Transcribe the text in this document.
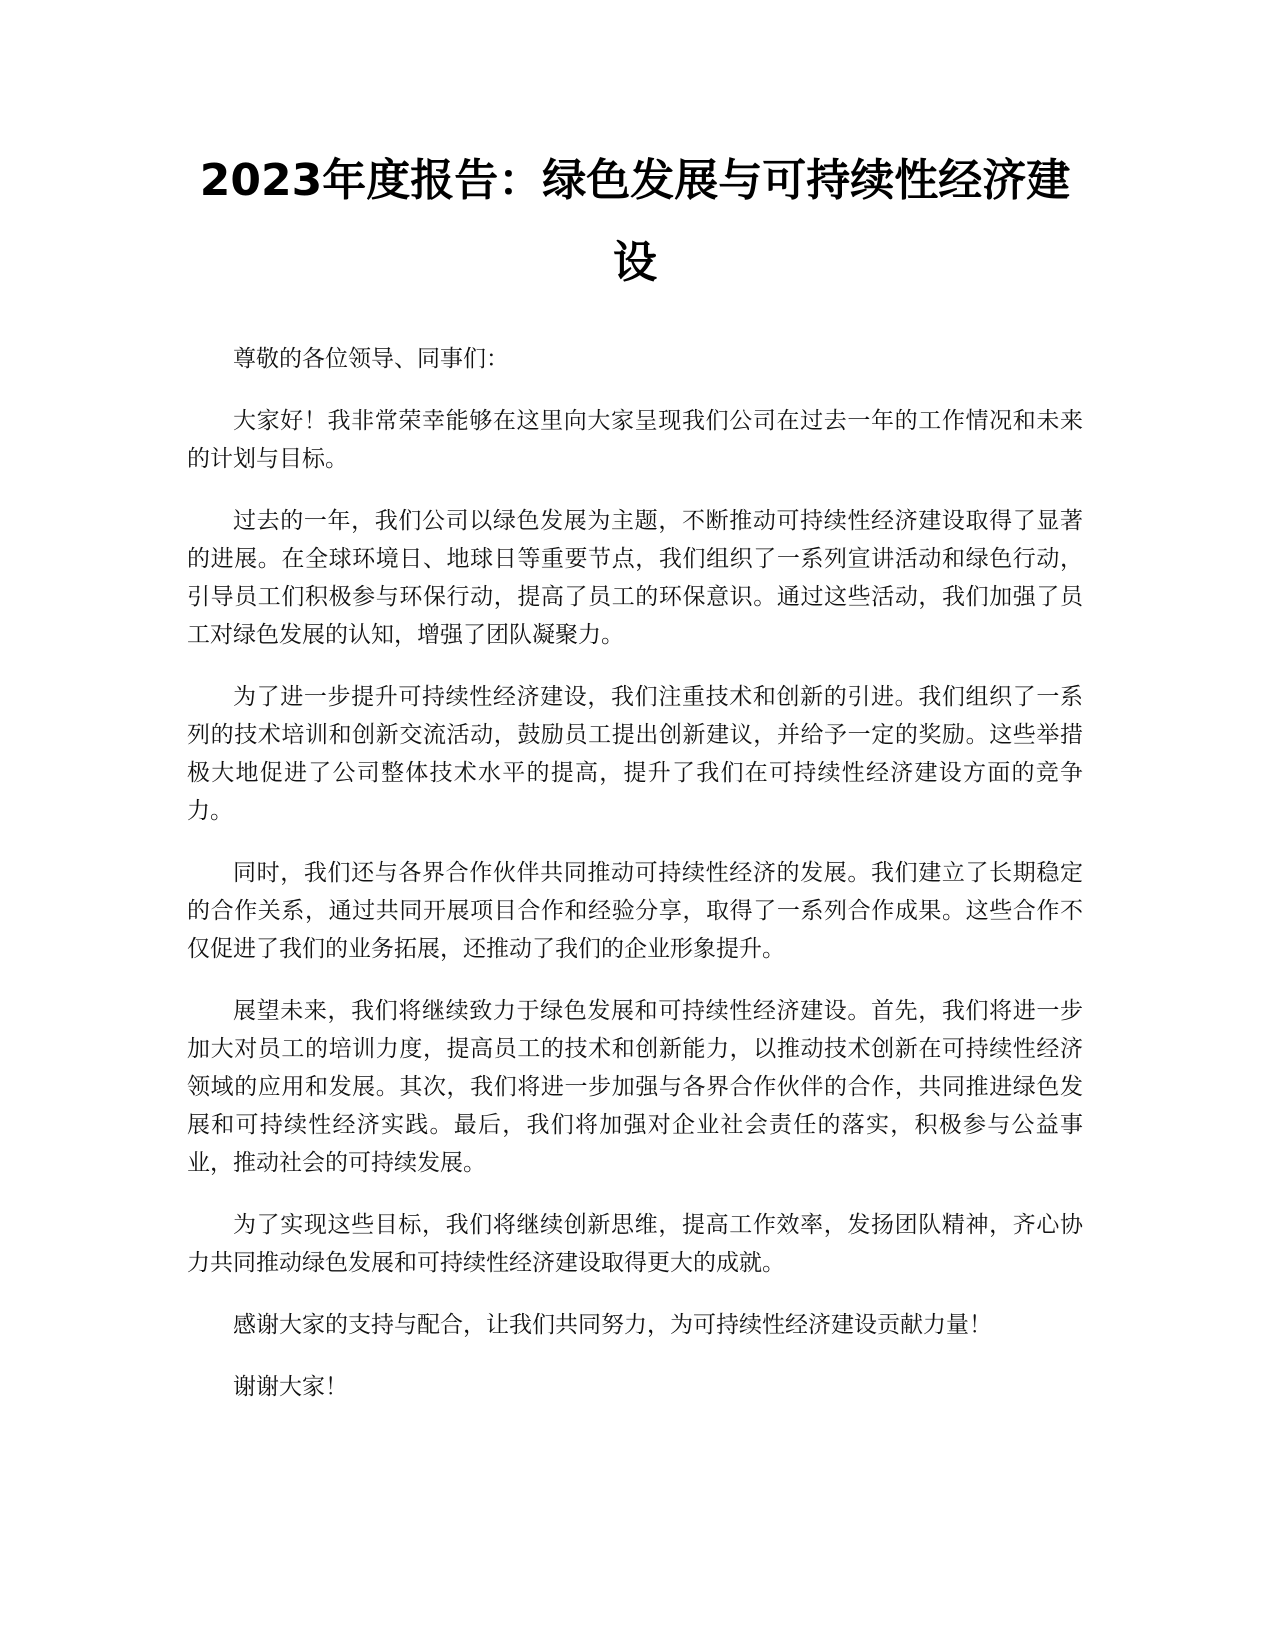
2023年度报告：绿色发展与可持续性经济建设

尊敬的各位领导、同事们：

大家好！我非常荣幸能够在这里向大家呈现我们公司在过去一年的工作情况和未来的计划与目标。

过去的一年，我们公司以绿色发展为主题，不断推动可持续性经济建设取得了显著的进展。在全球环境日、地球日等重要节点，我们组织了一系列宣讲活动和绿色行动，引导员工们积极参与环保行动，提高了员工的环保意识。通过这些活动，我们加强了员工对绿色发展的认知，增强了团队凝聚力。

为了进一步提升可持续性经济建设，我们注重技术和创新的引进。我们组织了一系列的技术培训和创新交流活动，鼓励员工提出创新建议，并给予一定的奖励。这些举措极大地促进了公司整体技术水平的提高，提升了我们在可持续性经济建设方面的竞争力。

同时，我们还与各界合作伙伴共同推动可持续性经济的发展。我们建立了长期稳定的合作关系，通过共同开展项目合作和经验分享，取得了一系列合作成果。这些合作不仅促进了我们的业务拓展，还推动了我们的企业形象提升。

展望未来，我们将继续致力于绿色发展和可持续性经济建设。首先，我们将进一步加大对员工的培训力度，提高员工的技术和创新能力，以推动技术创新在可持续性经济领域的应用和发展。其次，我们将进一步加强与各界合作伙伴的合作，共同推进绿色发展和可持续性经济实践。最后，我们将加强对企业社会责任的落实，积极参与公益事业，推动社会的可持续发展。

为了实现这些目标，我们将继续创新思维，提高工作效率，发扬团队精神，齐心协力共同推动绿色发展和可持续性经济建设取得更大的成就。

感谢大家的支持与配合，让我们共同努力，为可持续性经济建设贡献力量！

谢谢大家！
